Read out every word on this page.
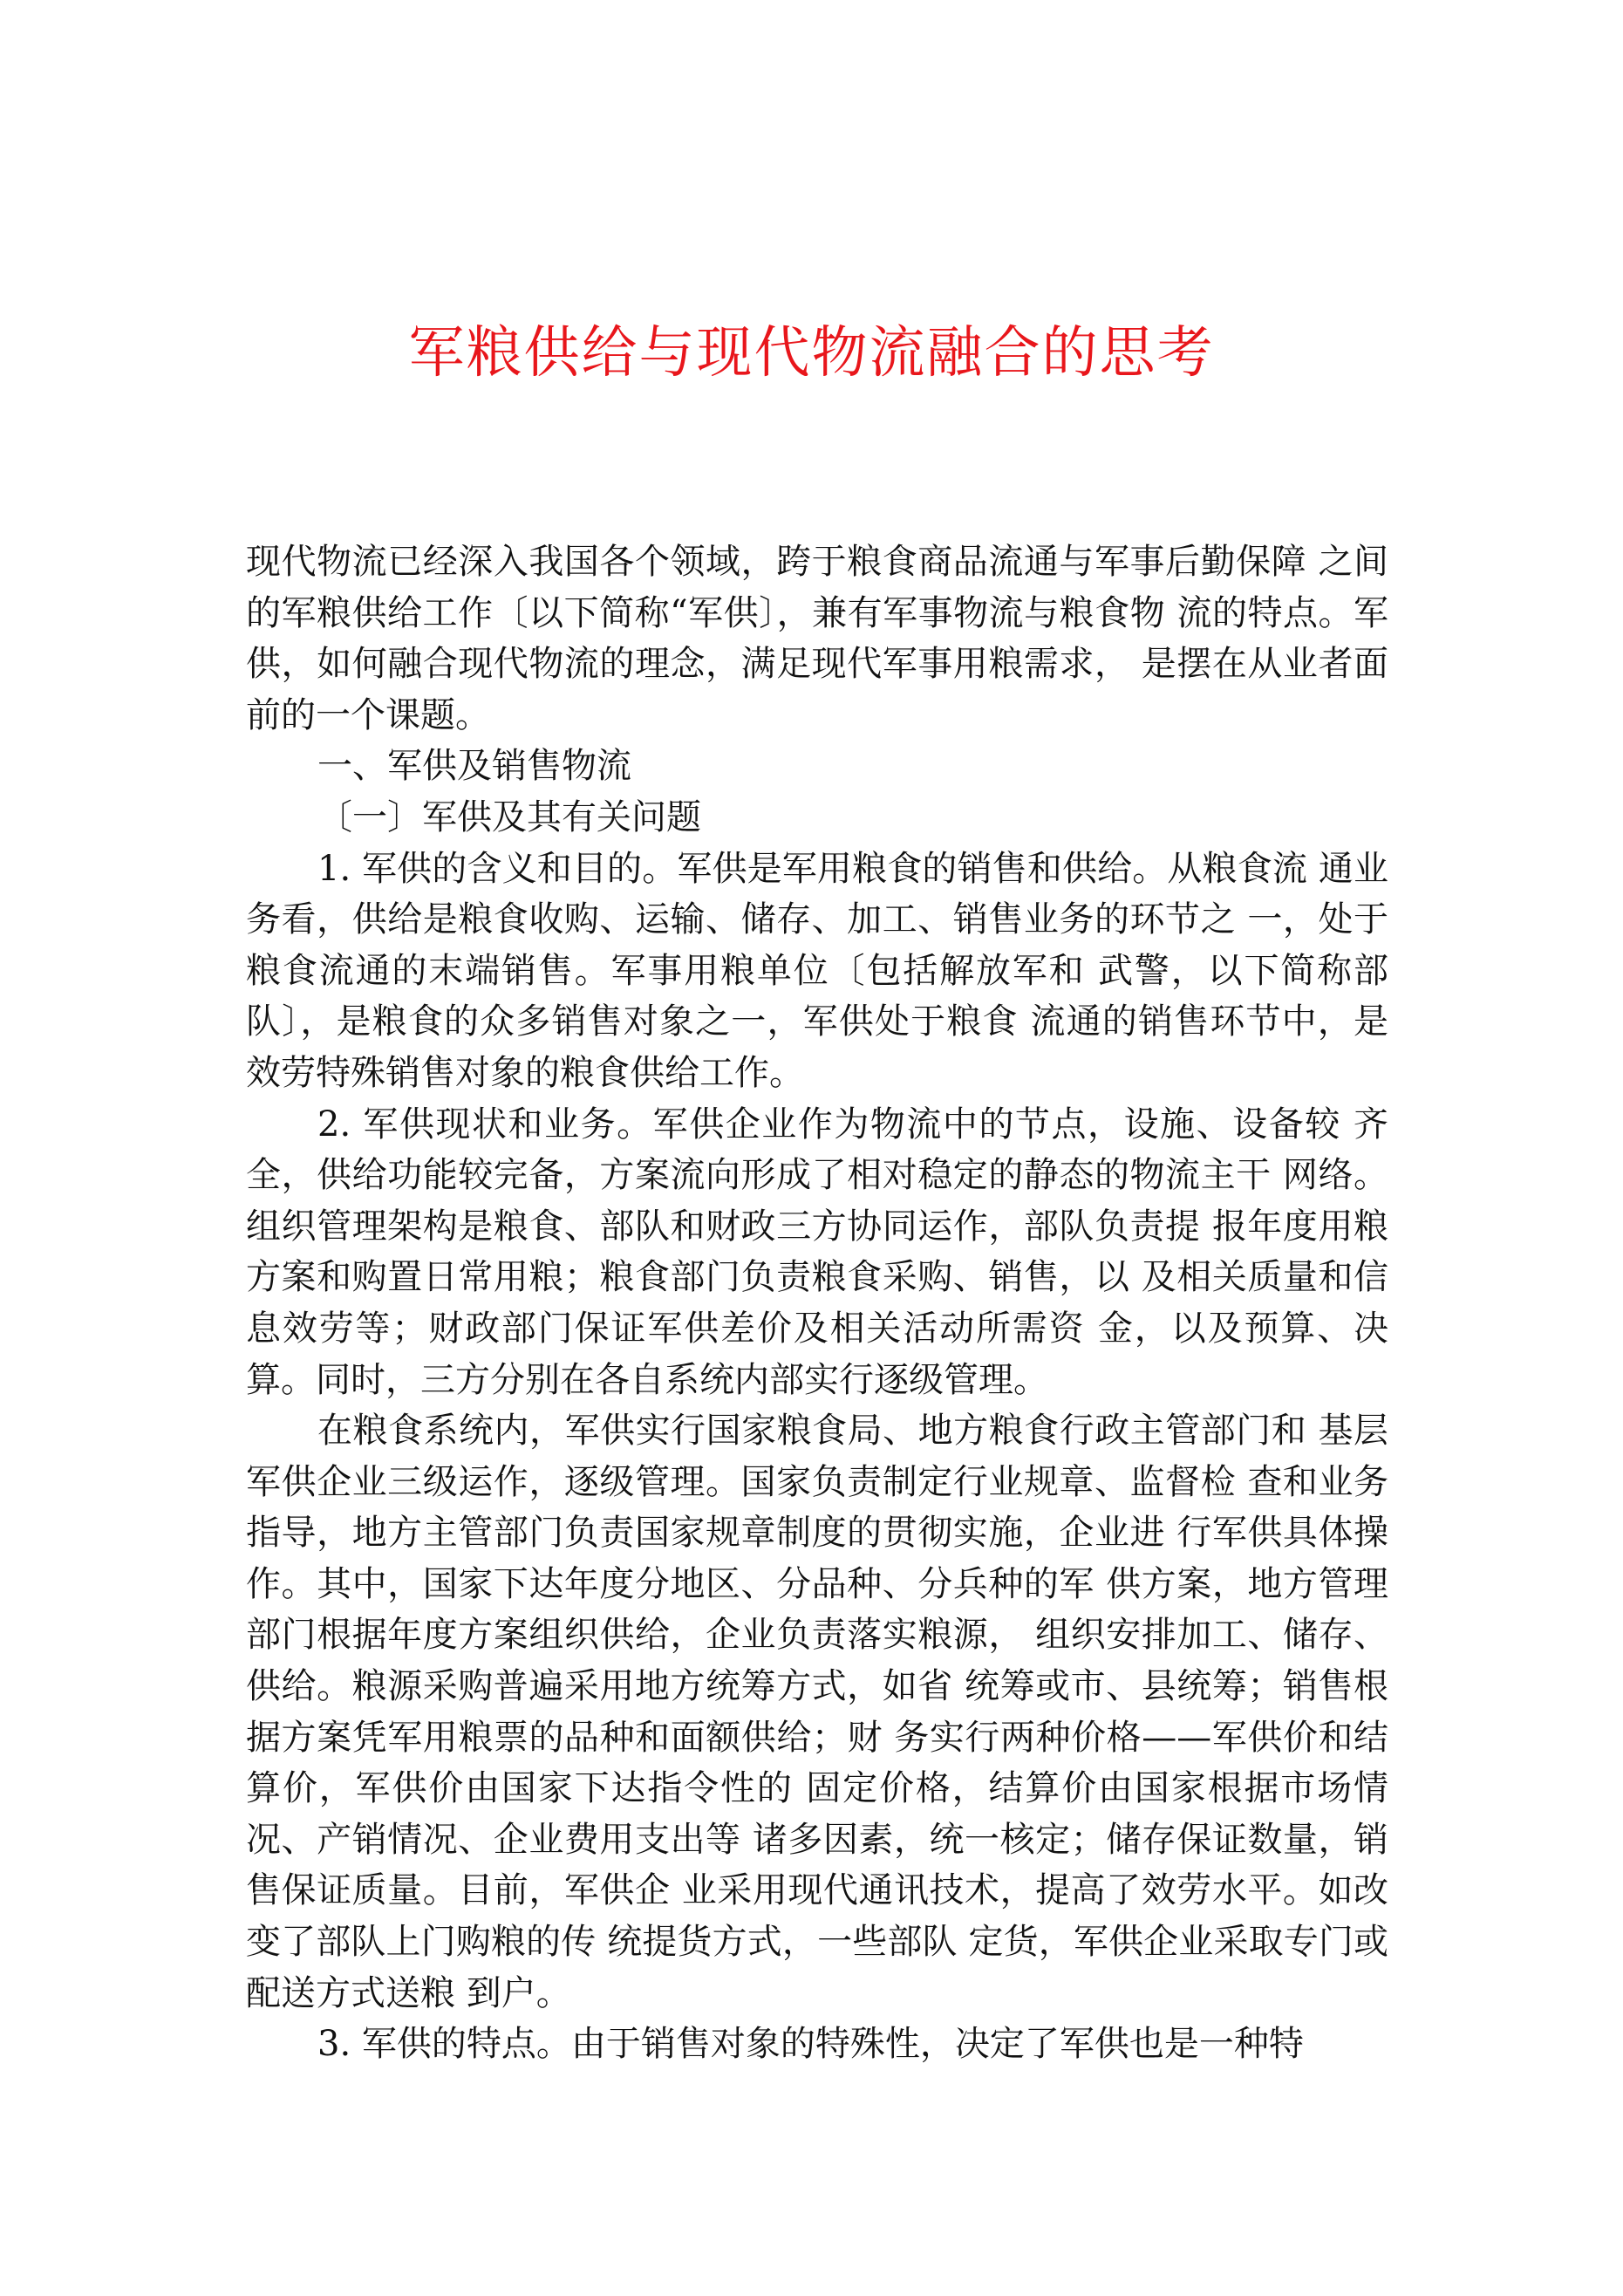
军粮供给与现代物流融合的思考

现代物流已经深入我国各个领域，跨于粮食商品流通与军事后勤保障 之间的军粮供给工作〔以下简称“军供〕，兼有军事物流与粮食物 流的特点。军供，如何融合现代物流的理念，满足现代军事用粮需求， 是摆在从业者面前的一个课题。

一、军供及销售物流

〔一〕军供及其有关问题

1. 军供的含义和目的。军供是军用粮食的销售和供给。从粮食流 通业务看，供给是粮食收购、运输、储存、加工、销售业务的环节之 一，处于粮食流通的末端销售。军事用粮单位〔包括解放军和 武警，以下简称部队〕，是粮食的众多销售对象之一，军供处于粮食 流通的销售环节中，是效劳特殊销售对象的粮食供给工作。

2. 军供现状和业务。军供企业作为物流中的节点，设施、设备较 齐全，供给功能较完备，方案流向形成了相对稳定的静态的物流主干 网络。组织管理架构是粮食、部队和财政三方协同运作，部队负责提 报年度用粮方案和购置日常用粮；粮食部门负责粮食采购、销售，以 及相关质量和信息效劳等；财政部门保证军供差价及相关活动所需资 金，以及预算、决算。同时，三方分别在各自系统内部实行逐级管理。

在粮食系统内，军供实行国家粮食局、地方粮食行政主管部门和 基层军供企业三级运作，逐级管理。国家负责制定行业规章、监督检 查和业务指导，地方主管部门负责国家规章制度的贯彻实施，企业进 行军供具体操作。其中，国家下达年度分地区、分品种、分兵种的军 供方案，地方管理部门根据年度方案组织供给，企业负责落实粮源， 组织安排加工、储存、供给。粮源采购普遍采用地方统筹方式，如省 统筹或市、县统筹；销售根据方案凭军用粮票的品种和面额供给；财 务实行两种价格——军供价和结算价，军供价由国家下达指令性的 固定价格，结算价由国家根据市场情况、产销情况、企业费用支出等 诸多因素，统一核定；储存保证数量，销售保证质量。目前，军供企 业采用现代通讯技术，提高了效劳水平。如改变了部队上门购粮的传 统提货方式，一些部队 定货，军供企业采取专门或配送方式送粮 到户。

3. 军供的特点。由于销售对象的特殊性，决定了军供也是一种特
